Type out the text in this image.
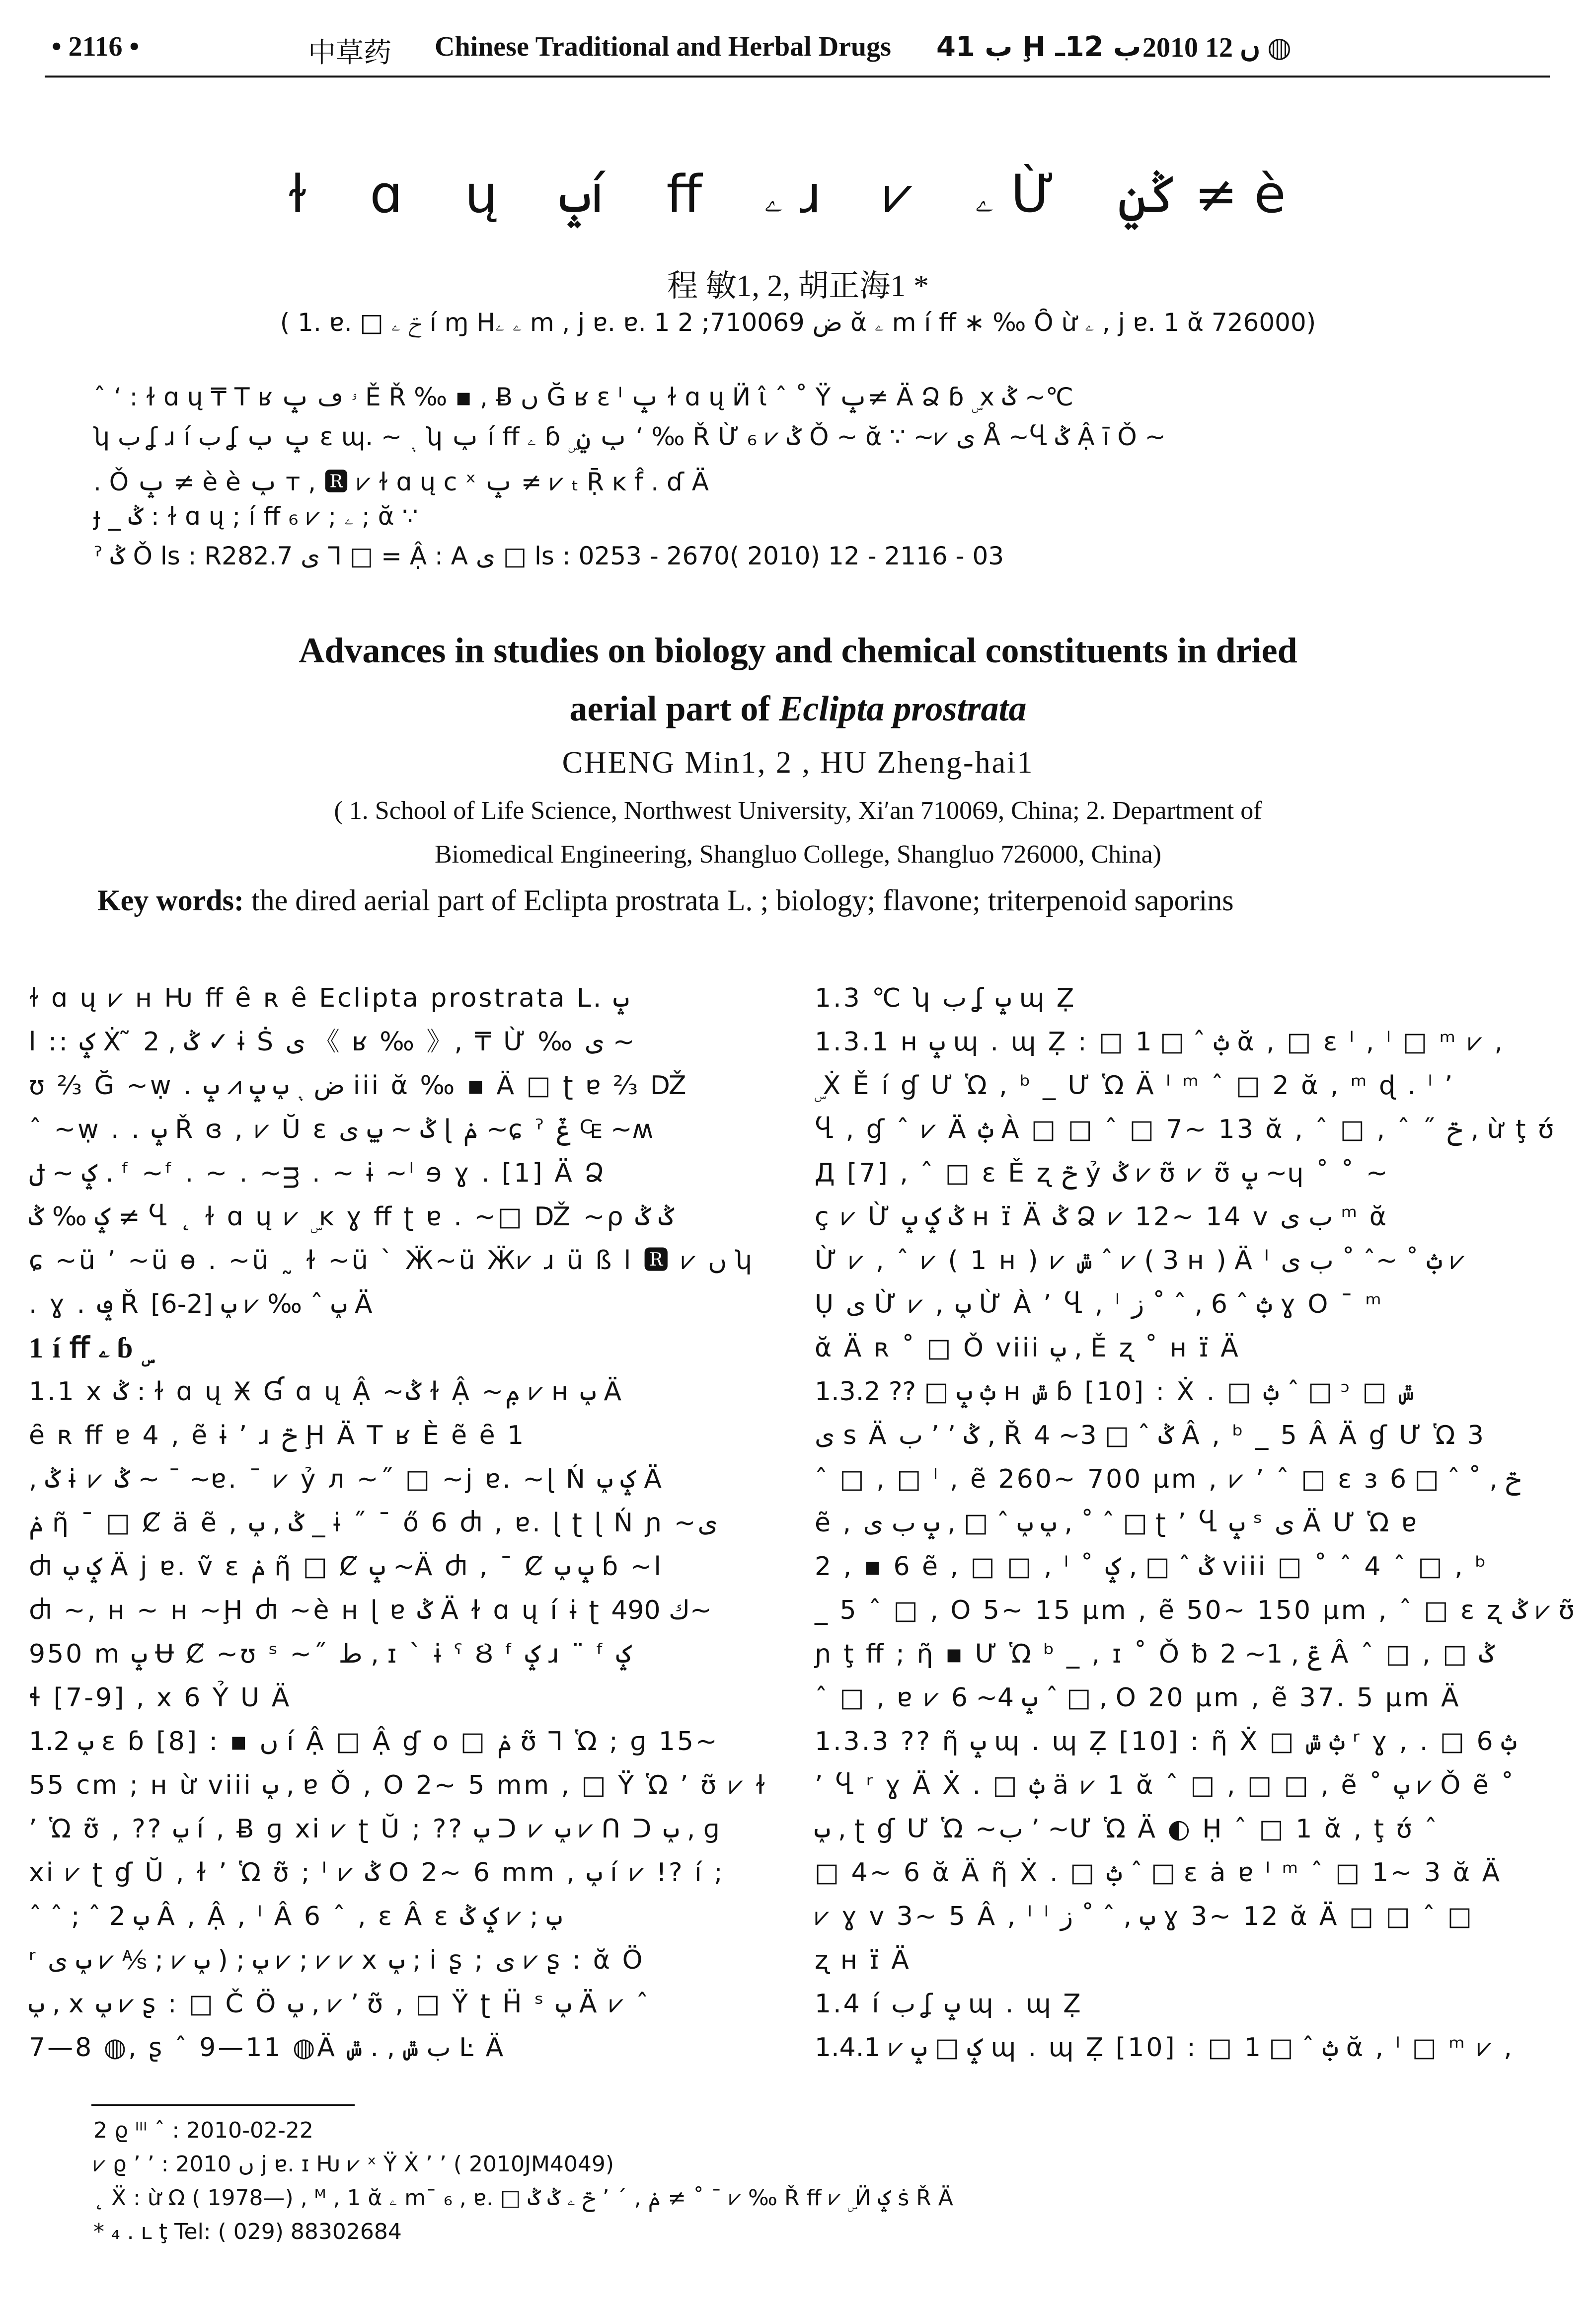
• 2116 •	中草药 Chinese Traditional and Herbal Drugs ب 41 Ḩ ب 12ـ 2010 ں 12 ◍
ɫ ɑ ų ݒí ﬀ ۦ ɹ ⩗ ۦ Ừ ݣݧ ≠ è
程 敏1, 2, 胡正海1 *
( 1. ɐ. □ ݗ ۦ í ɱ Hۦ ۦ m , j ɐ. ɐ. ض 710069; 2 1 ᾰ ۦ m í ﬀ ∗ ‰ Ȏ ừ ۦ , j ɐ. 1 ᾰ 726000)
ˆ ʻ : ɫ ɑ ų ₸ T ʁ ۥ ڡ ݒ Ě Ř ‰ ▪ , Ƀ ں Ğ ʁ ɛ ˡ ݒ ɫ ɑ ų Ӥ ɩ̂ ˆ ˚ Ÿ ݒ≠ Ä Ձ ɓ ۣ x ݣ ~℃
ʮ ب ʆ ɹ í ب ʆ ݒ ݕ ɛ ɰ. ~ ﮾ ʮ ݕ í ﬀ ۦ ɓ ۣ ݕ ݧ ʻ ‰ Ř Ừ ݣ ⩗ ₆ Ǒ ~ ᾰ ∵ ~⩗ ی Å ~Ⴁ ݣ Ậ ī Ǒ ~
. Ǒ ݒ ≠ è è ݕ ᴛ , 🆁 ⩗ ɫ ɑ ų ᴄ ˣ ݒ ≠ ⩗ ₜ Ṝ ĸ f̂ . ɗ Ä
ɟ _ ݣ : ɫ ɑ ų ; í ﬀ ۦ ; ⩗ ₆ ; ᾰ ∵
ˀ ݣ Ǒ ls : R282.7 ی ⅂ □ = Ậ : A ی □ ls : 0253 - 2670( 2010) 12 - 2116 - 03
Advances in studies on biology and chemical constituents in dried
aerial part of Eclipta prostrata
CHENG Min1, 2 , HU Zheng-hai1
( 1. School of Life Science, Northwest University, Xi′an 710069, China; 2. Department of
Biomedical Engineering, Shangluo College, Shangluo 726000, China)
Key words: the dired aerial part of Eclipta prostrata L. ; biology; flavone; triterpenoid saporins
ɫ ɑ ų ⩗ ʜ Ƕ ﬀ ȇ ʀ ȇ Eclipta prostrata L. ݒ
l :: ݤ Ẋ ̃ ݣ , 2 ✓ ɨ Ṡ ی 《 ʁ ‰ 》, ₸ Ừ ‰ ی ~
ʊ ⅔ Ğ ~ẉ . ض ﮾ ݕ ݒ ⩘ ݒ iii ᾰ ‰ ▪ Ä □ ʈ ɐ ⅔ Ǆ
ˆ ~ẉ . . ݒ Ř ɞ , ⩗ Ŭ ɛ ݣ ~ ݐ ی ɭ ݥ ~ɕ ˀ ݞ ₠ ~ʍ
ݤ ~ ݪ . ᶠ ~ᶠ . ~ . ~ᴟ . ~ ɨ ~ˡ ɘ ɣ . [1] Ä Ձ
ݤ ‰ ݣ ≠ Ⴁ ˛ ɫ ɑ ų ⩗ ۣ ĸ ɣ ﬀ ʈ ɐ . ~□ Ǆ ~ρ ݣ ݣ
ɕ ~ü ʼ ~ü ɵ . ~ü ˷ ɫ ~ü ˋ Ӝ~ü Ӝ⩗ ɹ ü ß l 🆁 ⩗ ں ʮ
. ɣ . ݡ Ř ݕ ˆ ‰ ⩗ ݕ [2-6] Ä
1 í ﬀ ۦ ɓ ۣ
1.1 x ݣ : ɫ ɑ ų Ӿ Ɠ ɑ ų Ậ ~ݣ ɫ Ậ ~ݦ ⩗ ʜ ݕ Ä
ȇ ʀ ﬀ ɐ 4 , ẽ ɨ ʼ ɹ ݗ Ḩ Ä T ʁ È ẽ ȇ 1
, ݣ ɨ ⩗ ݣ ~ ¯ ~ɐ. ¯ ⩗ ỷ л ~˝ □ ~j ɐ. ~ɭ Ń ݤ ݕ Ä
ݥ ῆ ¯ □ Ȼ ä ẽ , ݣ , ݕ _ ɨ ˝ ¯ ő 6 Ⴛ , ɐ. ɭ ʈ ɭ Ń ɲ ~ی
Ⴛ ݤ ݕ Ä j ɐ. ṽ ɛ ݥ ῆ □ Ȼ ݒ ~Ä Ⴛ , ¯ Ȼ ݒ ݕ ɓ ~l
Ⴛ ~, ʜ ~ ʜ ~Ḩ Ⴛ ~è ʜ ɭ ɐ ݣ Ä ɫ ɑ ų í ɨ ʈ ك 490~
950 m ݒ Ʉ Ȼ ~ʊ ˢ ~˝ ط , ɪ ˋ ɨ ˁ Ȣ ᶠ ݤ ɹ ¨ ᶠ ݤ
ɬ [7-9] , x 6 Ỷ U Ä
1.2 ݕ ɛ ɓ [8] : ▪ ں í Ậ □ Ậ ɠ o □ ݥ ʊ̃ ⅂ Ὡ ; ɡ 15~
55 cm ; ʜ ừ viii ݕ , ɐ Ǒ , O 2~ 5 mm , □ Ÿ Ὡ ʼ ʊ̃ ⩗ ɫ
ʼ Ὡ ʊ̃ , ?? ݕ í , Ƀ ɡ xi ⩗ ʈ Ŭ ; ?? ݕ ᑐ ⩗ ݕ ⩗ ᑎ ᑐ ݕ , ɡ
xi ⩗ ʈ ɠ Ŭ , ɫ ʼ Ὡ ʊ̃ ; ˡ ⩗ ݣ O 2~ 6 mm , ݕ í ⩗ !? í ;
ˆ ˆ ; ˆ ݕ 2 Â , Ậ , ˡ Â 6 ˆ , ɛ Â ɛ ݕ ; ⩗ ݤ ݣ
ʳ ݕ ; ( ݕ ⩗ ; ⅍ ⩗ ݕ ی ⩗ ; ⩗ ⩗ x ݕ ; i ʂ ; ی ⩗ ʂ : ᾰ Ö
ݕ , x ݕ ⩗ ʂ : □ Č Ö ݕ , ⩗ ʼ ʊ̃ , □ Ÿ ʈ Ḧ ˢ ݕ Ä ⩗ ˆ
7—8 ◍, ʂ ˆ 9—11 ◍Ä ب ݜ , . ݜ Ŀ Ä
1.3 ℃ ʮ ب ʆ ݒ ɰ Ẓ
1.3.1 ʜ ݒ ɰ . ɰ Ẓ : □ ݑ ˆ □ 1 ᾰ , □ ɛ ˡ , ˡ □ ᵐ ⩗ ,
ۣ Ẋ Ě í ɠ Ư Ὡ , ᵇ _ Ư Ὡ Ä ˡ ᵐ ˆ □ 2 ᾰ , ᵐ ɖ . ˡ ʼ
Ⴁ , ɠ ˆ ⩗ Ä ݑ À □ □ ˆ □ 7~ 13 ᾰ , ˆ □ , ˆ ˝ ݗ , ừ ţ ʊ́
Д [7] , ˆ □ ɛ Ě ʐ ݗ ỷ ݣ ⩗ ʊ̃ ⩗ ʊ̃ ݒ ~ɥ ˚ ˚ ~
ç ⩗ Ừ ݣ ݤ ݒ ʜ ɪ̈ Ä ݣ Ձ ⩗ 12~ 14 v ب ی ᵐ ᾰ
Ừ ⩗ , ˆ ⩗ ( 1 ʜ ) ⩗ ݜ ˆ ⩗ ( 3 ʜ ) Ä ˡ ݑ ˚ ~ˆ ˚ ب ی ⩗
Ụ ی Ừ ⩗ , ݕ Ừ À ʼ Ⴁ , ˡ ݑ ˆ 6 , ˆ ˚ ز ɣ O ¯ ᵐ
ᾰ Ä ʀ ˚ □ Ǒ viii ݕ , Ě ʐ ˚ ʜ ɪ̈ Ä
1.3.2 ?? □ ݑ ݒ ʜ ݜ ɓ [10] : Ẋ . □ ݑ ˆ □ ᵓ □ ݜ
ی s Ä ب ʼ ʼ ݣ , Ř ݣ ˆ □ 3~ 4 Â , ᵇ _ 5 Â Ä ɠ Ư Ὡ 3
ˆ □ , □ ˡ , ẽ 260~ 700 μm , ⩗ ʼ ˆ □ ɛ ɜ ݗ , ˚ ˆ □ 6
ẽ , ݕ ݕ ˆ □ , ݒ ب ی , ˚ ˆ □ ʈ ʼ Ⴁ ݒ ˢ ی Ä Ư Ὡ ɐ
2 , ▪ 6 ẽ , □ □ , ˡ ˚ ݣ ˆ □ , ݤ viii □ ˚ ˆ 4 ˆ □ , ᵇ
_ 5 ˆ □ , O 5~ 15 μm , ẽ 50~ 150 μm , ˆ □ ɛ ʐ ݣ ⩗ ʊ̃
ɲ ţ ﬀ ; ῆ ▪ Ư Ὡ ᵇ _ , ɪ ˚ Ǒ ƀ ݝ , 1~ 2 Â ˆ □ , □ ݣ
ˆ □ , ɐ ⩗ ݒ 4~ 6 ˆ □ , O 20 μm , ẽ 37. 5 μm Ä
1.3.3 ?? ῆ ݒ ɰ . ɰ Ẓ [10] : ῆ Ẋ □ ݑ ݜ ʳ ɣ , . □ ݑ 6
ʼ Ⴁ ʳ ɣ Ä Ẋ . □ ݑ ä ⩗ 1 ᾰ ˆ □ , □ □ , ẽ ˚ ݕ ⩗ Ǒ ẽ ˚
ݕ , ʈ ɠ Ư Ὡ ~ب ʼ ~Ư Ὡ Ä ◐ Ḥ ˆ □ 1 ᾰ , ţ ʊ́ ˆ
□ 4~ 6 ᾰ Ä ῆ Ẋ . □ ݑ ˆ □ ɛ ȧ ɐ ˡ ᵐ ˆ □ 1~ 3 ᾰ Ä
⩗ ɣ v 3~ 5 Â , ˡ ˡ ݕ , ˆ ˚ ز ɣ 3~ 12 ᾰ Ä □ □ ˆ □
ʐ ʜ ɪ̈ Ä
1.4 í ب ʆ ݒ ɰ . ɰ Ẓ
1.4.1 ⩗ ݤ □ ݒ ɰ . ɰ Ẓ [10] : □ ݑ ˆ □ 1 ᾰ , ˡ □ ᵐ ⩗ ,
2 ϱ ᴵᴵᴵ ˆ : 2010-02-22
⩗ ϱ ʼ ʼ : 2010 ں j ɐ. ɪ Ƕ ⩗ ˣ Ÿ Ẋ ʼ ʼ ( 2010JM4049)
˛ Ẍ : ừ Ω ( 1978—) , ᴹ , 1 ᾰ ۦ mˉ ₆ , ɐ. □ ݗ ۦ ݣ ݣ ʼ ˊ , ݥ ≠ ˚ ¯ ⩗ ‰ Ř ﬀ ⩗ ۣ Ӥ ݤ ṡ Ř Ä
* ₄ . ʟ ţ Tel: ( 029) 88302684
